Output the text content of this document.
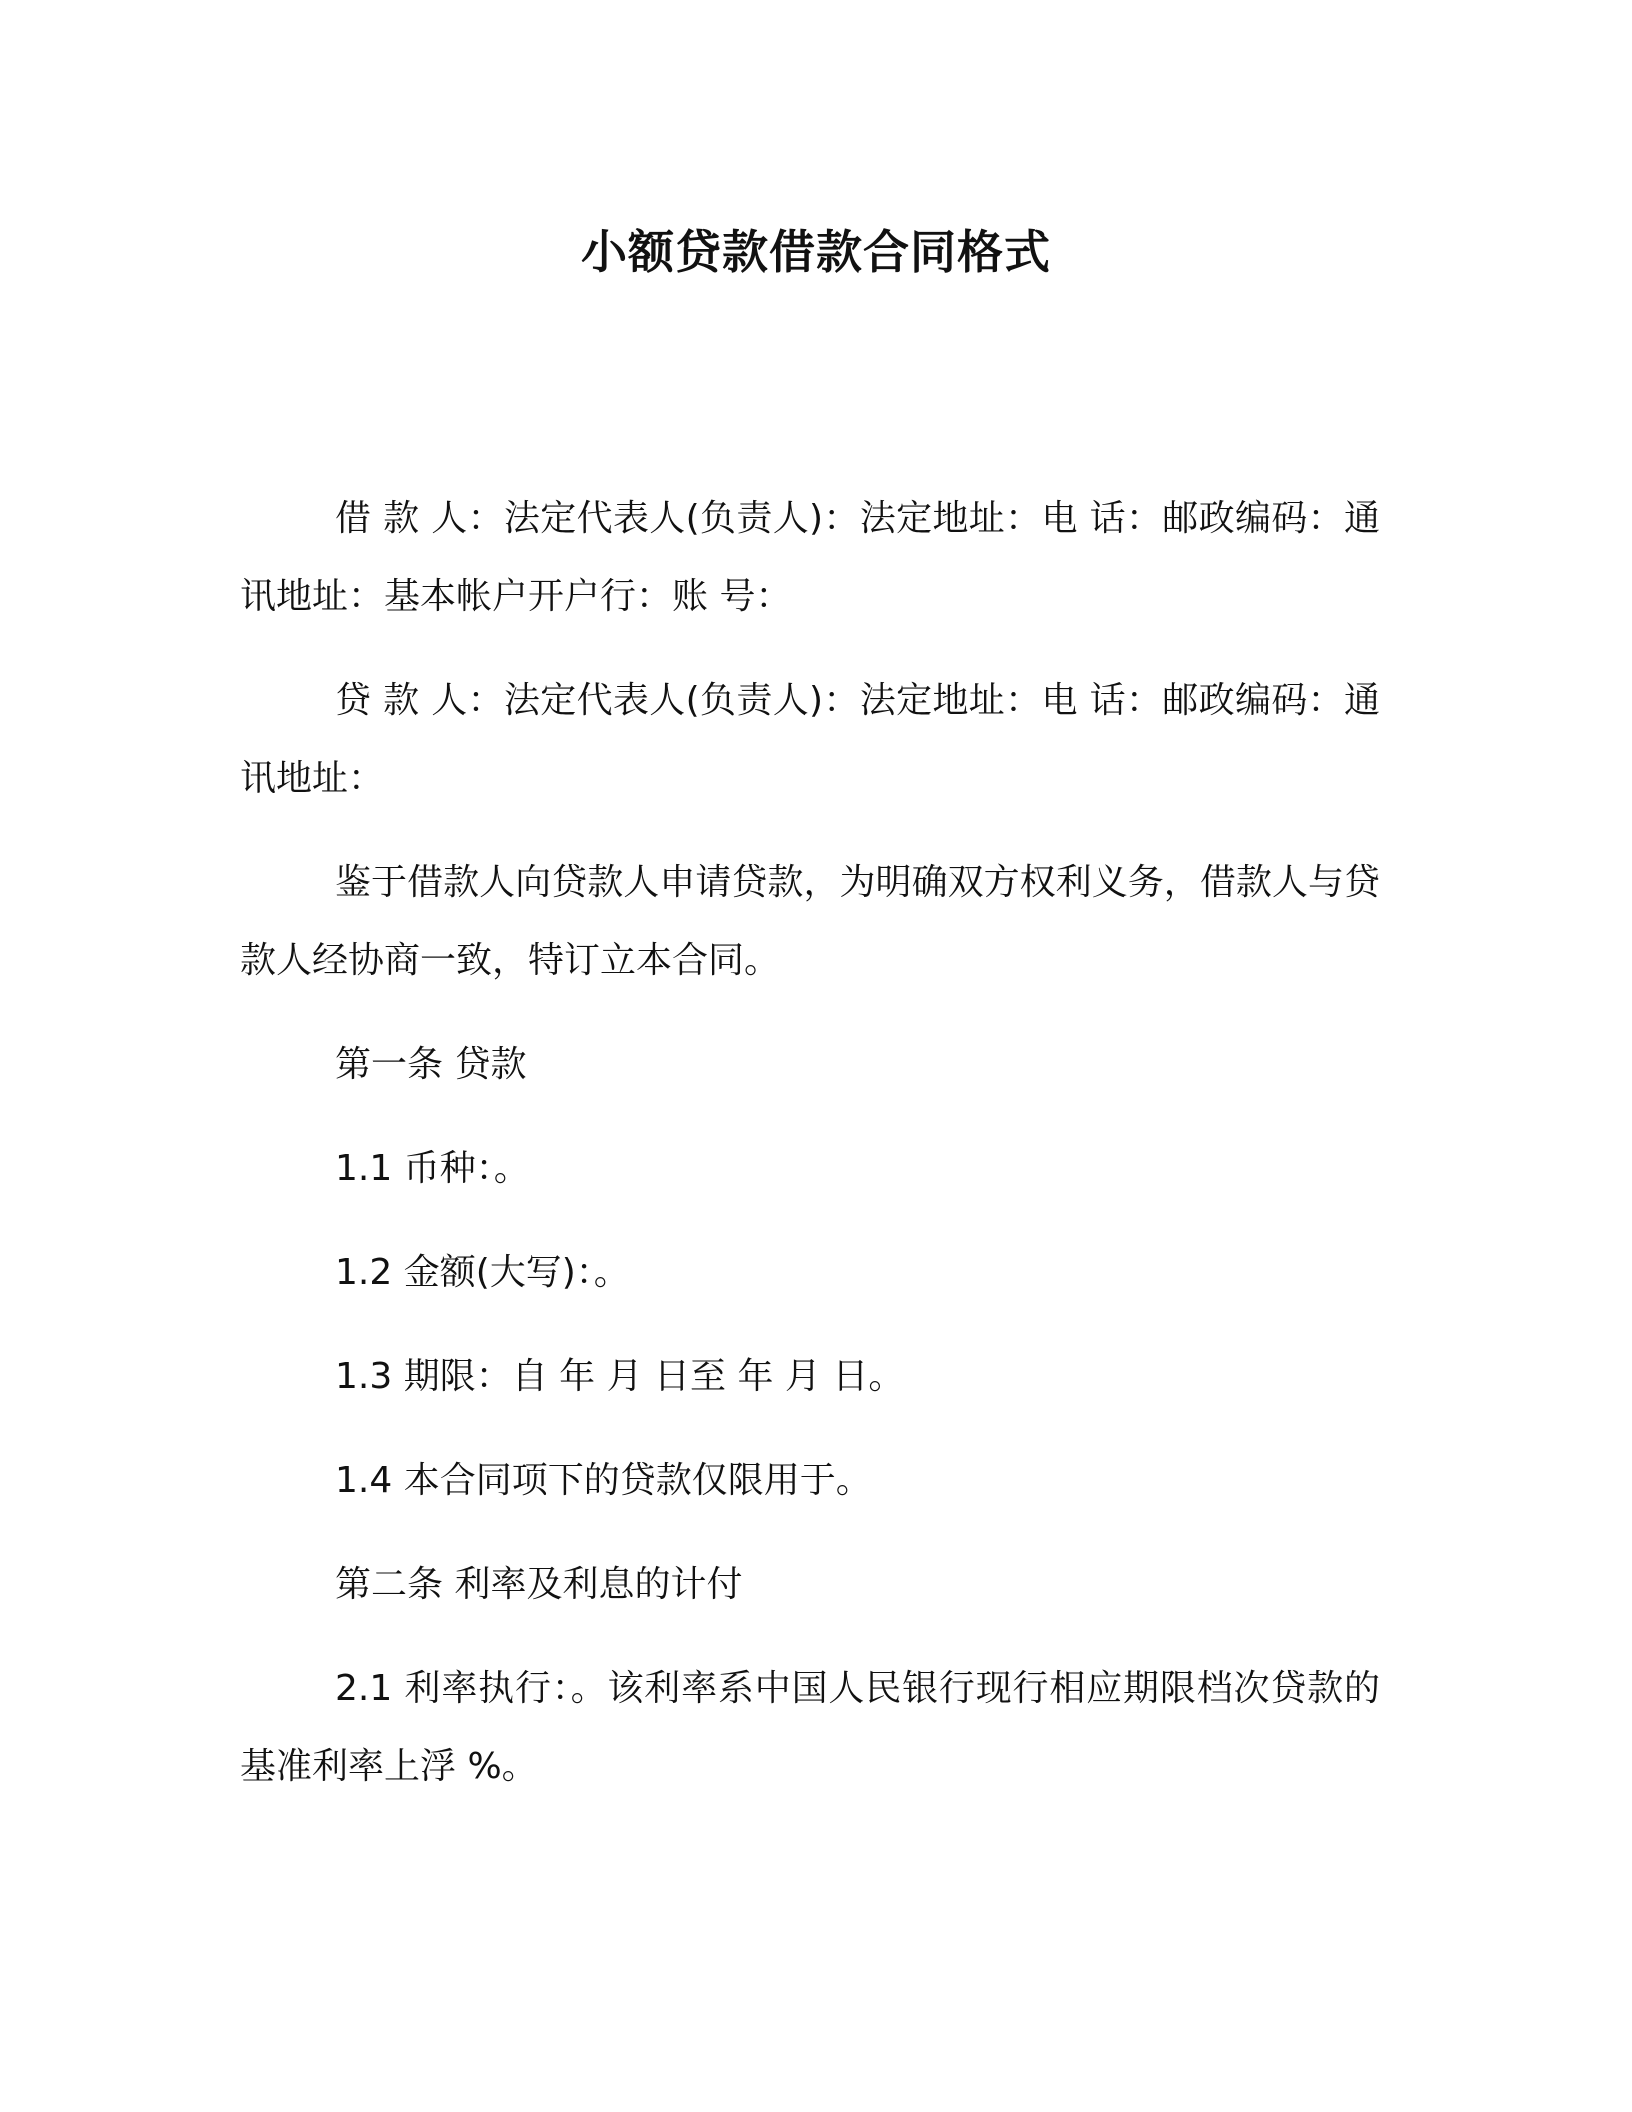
小额贷款借款合同格式

借 款 人：法定代表人(负责人)：法定地址：电 话：邮政编码：通讯地址：基本帐户开户行：账 号：

贷 款 人：法定代表人(负责人)：法定地址：电 话：邮政编码：通讯地址：

鉴于借款人向贷款人申请贷款，为明确双方权利义务，借款人与贷款人经协商一致，特订立本合同。

第一条 贷款

1.1 币种：。

1.2 金额(大写)：。

1.3 期限：自 年 月 日至 年 月 日。

1.4 本合同项下的贷款仅限用于。

第二条 利率及利息的计付

2.1 利率执行：。该利率系中国人民银行现行相应期限档次贷款的基准利率上浮 %。
